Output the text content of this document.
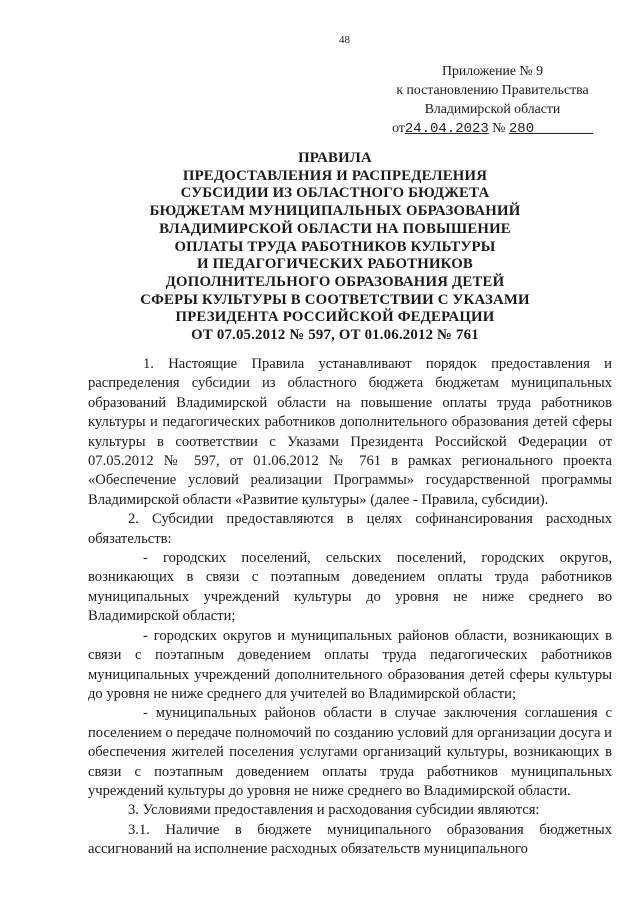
48
Приложение № 9
к постановлению Правительства
Владимирской области
от24.04.2023 № 280
ПРАВИЛА
ПРЕДОСТАВЛЕНИЯ И РАСПРЕДЕЛЕНИЯ
СУБСИДИИ ИЗ ОБЛАСТНОГО БЮДЖЕТА
БЮДЖЕТАМ МУНИЦИПАЛЬНЫХ ОБРАЗОВАНИЙ
ВЛАДИМИРСКОЙ ОБЛАСТИ НА ПОВЫШЕНИЕ
ОПЛАТЫ ТРУДА РАБОТНИКОВ КУЛЬТУРЫ
И ПЕДАГОГИЧЕСКИХ РАБОТНИКОВ
ДОПОЛНИТЕЛЬНОГО ОБРАЗОВАНИЯ ДЕТЕЙ
СФЕРЫ КУЛЬТУРЫ В СООТВЕТСТВИИ С УКАЗАМИ
ПРЕЗИДЕНТА РОССИЙСКОЙ ФЕДЕРАЦИИ
ОТ 07.05.2012 № 597, ОТ 01.06.2012 № 761
1. Настоящие Правила устанавливают порядок предоставления и распределения субсидии из областного бюджета бюджетам муниципальных образований Владимирской области на повышение оплаты труда работников культуры и педагогических работников дополнительного образования детей сферы культуры в соответствии с Указами Президента Российской Федерации от 07.05.2012 № 597, от 01.06.2012 № 761 в рамках регионального проекта «Обеспечение условий реализации Программы» государственной программы Владимирской области «Развитие культуры» (далее - Правила, субсидии).
2. Субсидии предоставляются в целях софинансирования расходных обязательств:
- городских поселений, сельских поселений, городских округов, возникающих в связи с поэтапным доведением оплаты труда работников муниципальных учреждений культуры до уровня не ниже среднего во Владимирской области;
- городских округов и муниципальных районов области, возникающих в связи с поэтапным доведением оплаты труда педагогических работников муниципальных учреждений дополнительного образования детей сферы культуры до уровня не ниже среднего для учителей во Владимирской области;
- муниципальных районов области в случае заключения соглашения с поселением о передаче полномочий по созданию условий для организации досуга и обеспечения жителей поселения услугами организаций культуры, возникающих в связи с поэтапным доведением оплаты труда работников муниципальных учреждений культуры до уровня не ниже среднего во Владимирской области.
3. Условиями предоставления и расходования субсидии являются:
3.1. Наличие в бюджете муниципального образования бюджетных ассигнований на исполнение расходных обязательств муниципального
